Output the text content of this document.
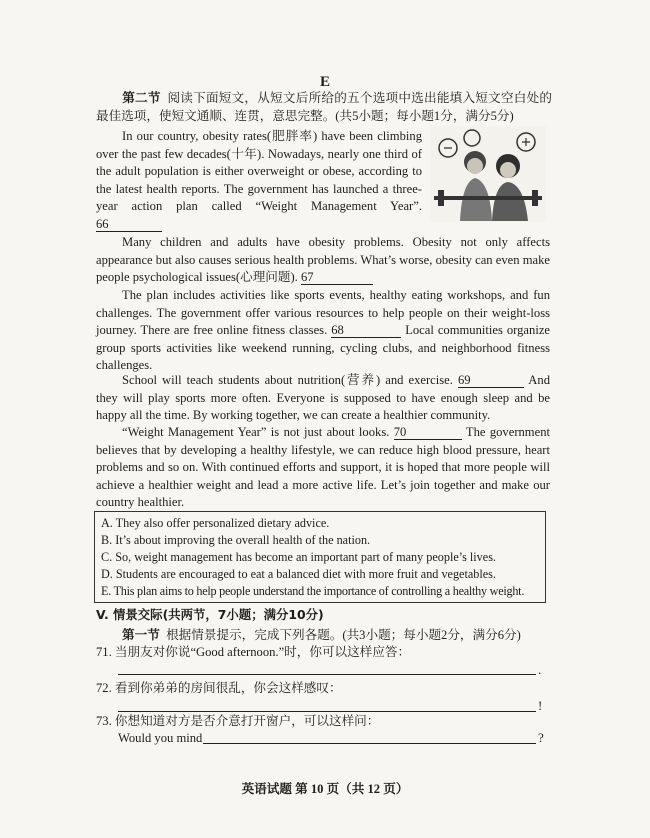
E

第二节 阅读下面短文，从短文后所给的五个选项中选出能填入短文空白处的最佳选项，使短文通顺、连贯，意思完整。(共5小题；每小题1分，满分5分)

In our country, obesity rates(肥胖率) have been climbing over the past few decades(十年). Nowadays, nearly one third of the adult population is either overweight or obese, according to the latest health reports. The government has launched a three-year action plan called “Weight Management Year”. 66

Many children and adults have obesity problems. Obesity not only affects appearance but also causes serious health problems. What’s worse, obesity can even make people psychological issues(心理问题). 67

The plan includes activities like sports events, healthy eating workshops, and fun challenges. The government offer various resources to help people on their weight-loss journey. There are free online fitness classes. 68	Local communities organize group sports activities like weekend running, cycling clubs, and neighborhood fitness challenges.

School will teach students about nutrition(营养) and exercise. 69	And they will play sports more often. Everyone is supposed to have enough sleep and be happy all the time. By working together, we can create a healthier community.

“Weight Management Year” is not just about looks. 70	The government believes that by developing a healthy lifestyle, we can reduce high blood pressure, heart problems and so on. With continued efforts and support, it is hoped that more people will achieve a healthier weight and lead a more active life. Let’s join together and make our country healthier.

A. They also offer personalized dietary advice.
B. It’s about improving the overall health of the nation.
C. So, weight management has become an important part of many people’s lives.
D. Students are encouraged to eat a balanced diet with more fruit and vegetables.
E. This plan aims to help people understand the importance of controlling a healthy weight.
V. 情景交际(共两节，7小题；满分10分)
第一节 根据情景提示，完成下列各题。(共3小题；每小题2分，满分6分)
71. 当朋友对你说“Good afternoon.”时，你可以这样应答：
.
72. 看到你弟弟的房间很乱，你会这样感叹：
!
73. 你想知道对方是否介意打开窗户，可以这样问：
Would you mind	?
英语试题 第 10 页（共 12 页）
